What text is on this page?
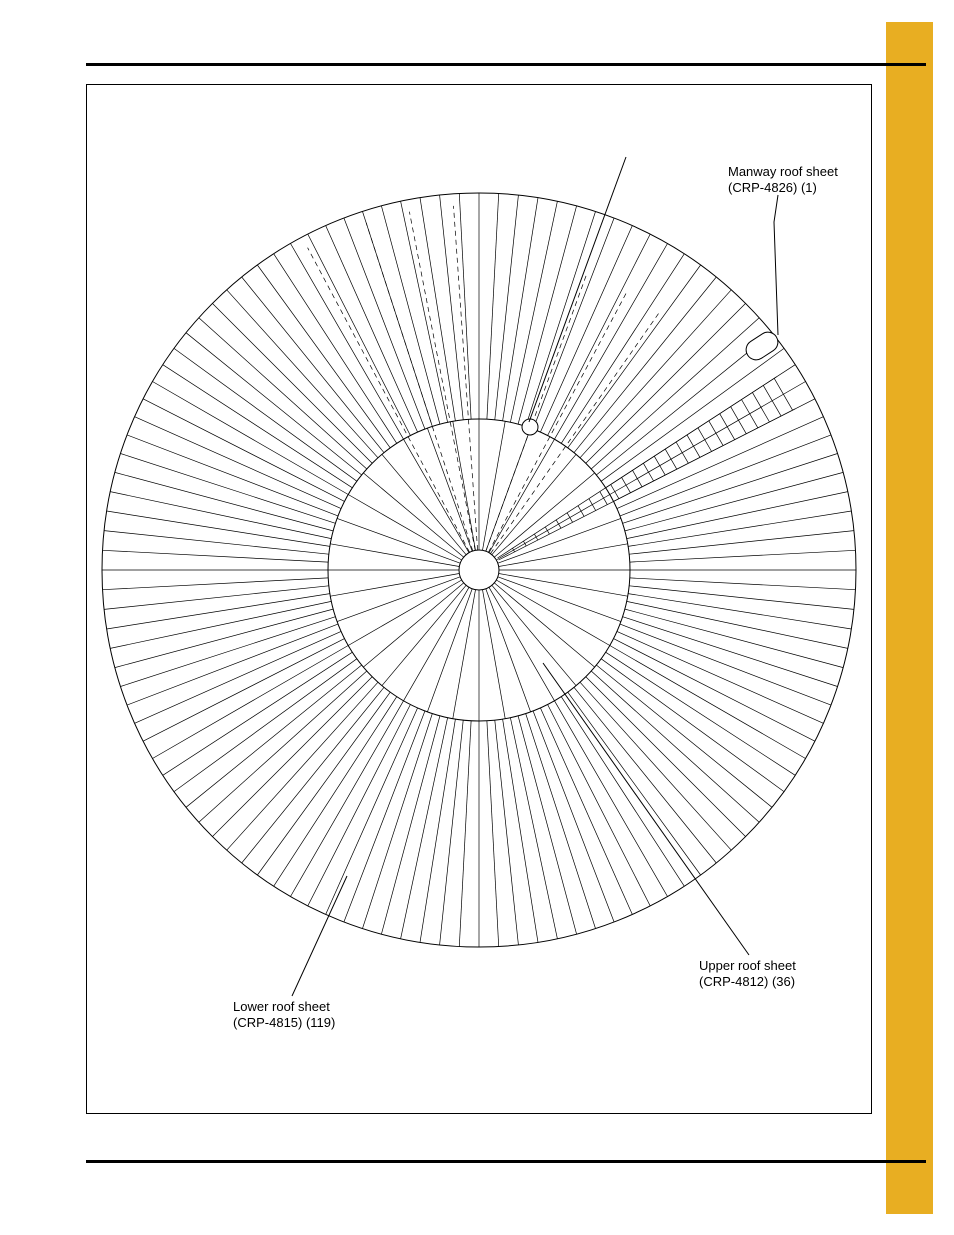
Manway roof sheet
(CRP-4826) (1)
Upper roof sheet
(CRP-4812) (36)
Lower roof sheet
(CRP-4815) (119)
